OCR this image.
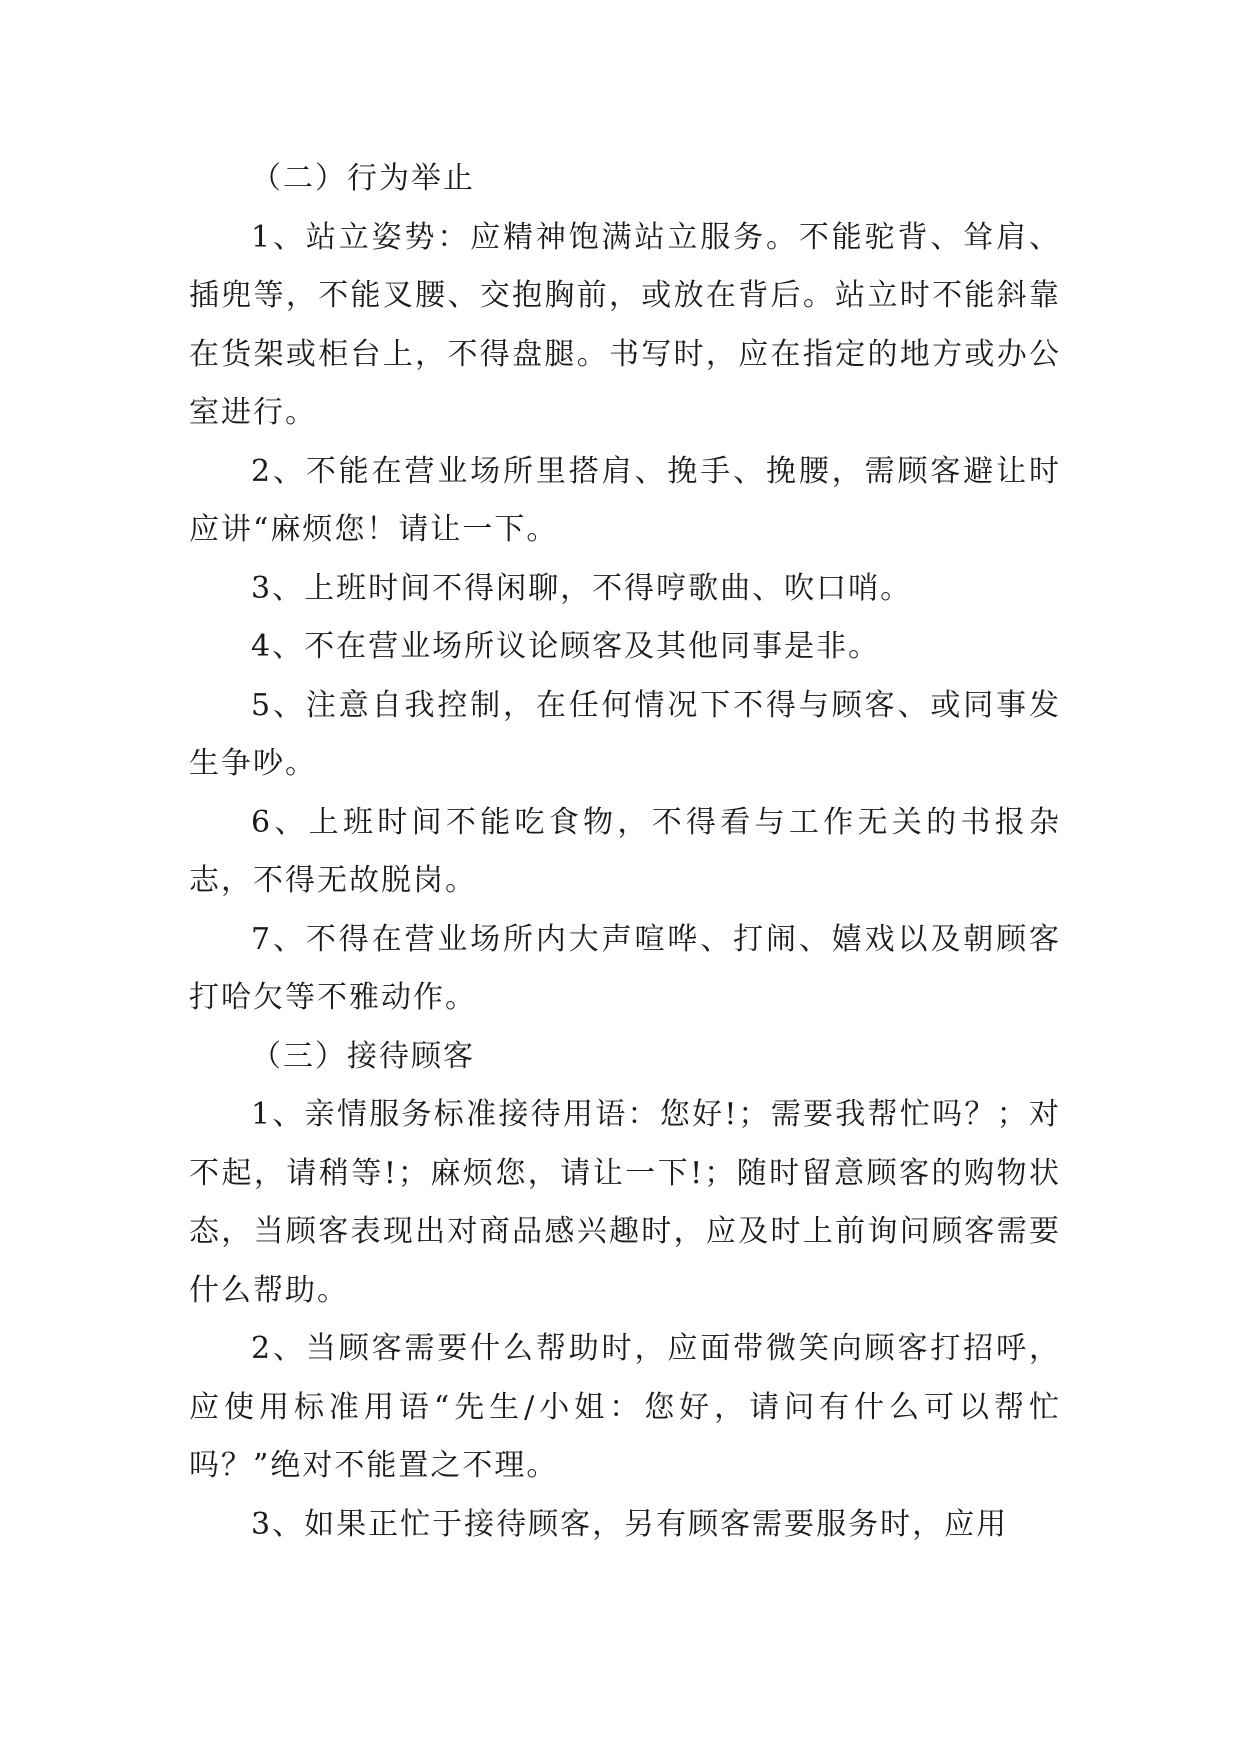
（二）行为举止

1、站立姿势：应精神饱满站立服务。不能驼背、耸肩、插兜等，不能叉腰、交抱胸前，或放在背后。站立时不能斜靠在货架或柜台上，不得盘腿。书写时，应在指定的地方或办公室进行。

2、不能在营业场所里搭肩、挽手、挽腰，需顾客避让时应讲“麻烦您！请让一下。

3、上班时间不得闲聊，不得哼歌曲、吹口哨。

4、不在营业场所议论顾客及其他同事是非。

5、注意自我控制，在任何情况下不得与顾客、或同事发生争吵。

6、上班时间不能吃食物，不得看与工作无关的书报杂志，不得无故脱岗。

7、不得在营业场所内大声喧哗、打闹、嬉戏以及朝顾客打哈欠等不雅动作。

（三）接待顾客

1、亲情服务标准接待用语：您好!；需要我帮忙吗？；对不起，请稍等!；麻烦您，请让一下!；随时留意顾客的购物状态，当顾客表现出对商品感兴趣时，应及时上前询问顾客需要什么帮助。

2、当顾客需要什么帮助时，应面带微笑向顾客打招呼，应使用标准用语“先生/小姐：您好，请问有什么可以帮忙吗？”绝对不能置之不理。

3、如果正忙于接待顾客，另有顾客需要服务时，应用
